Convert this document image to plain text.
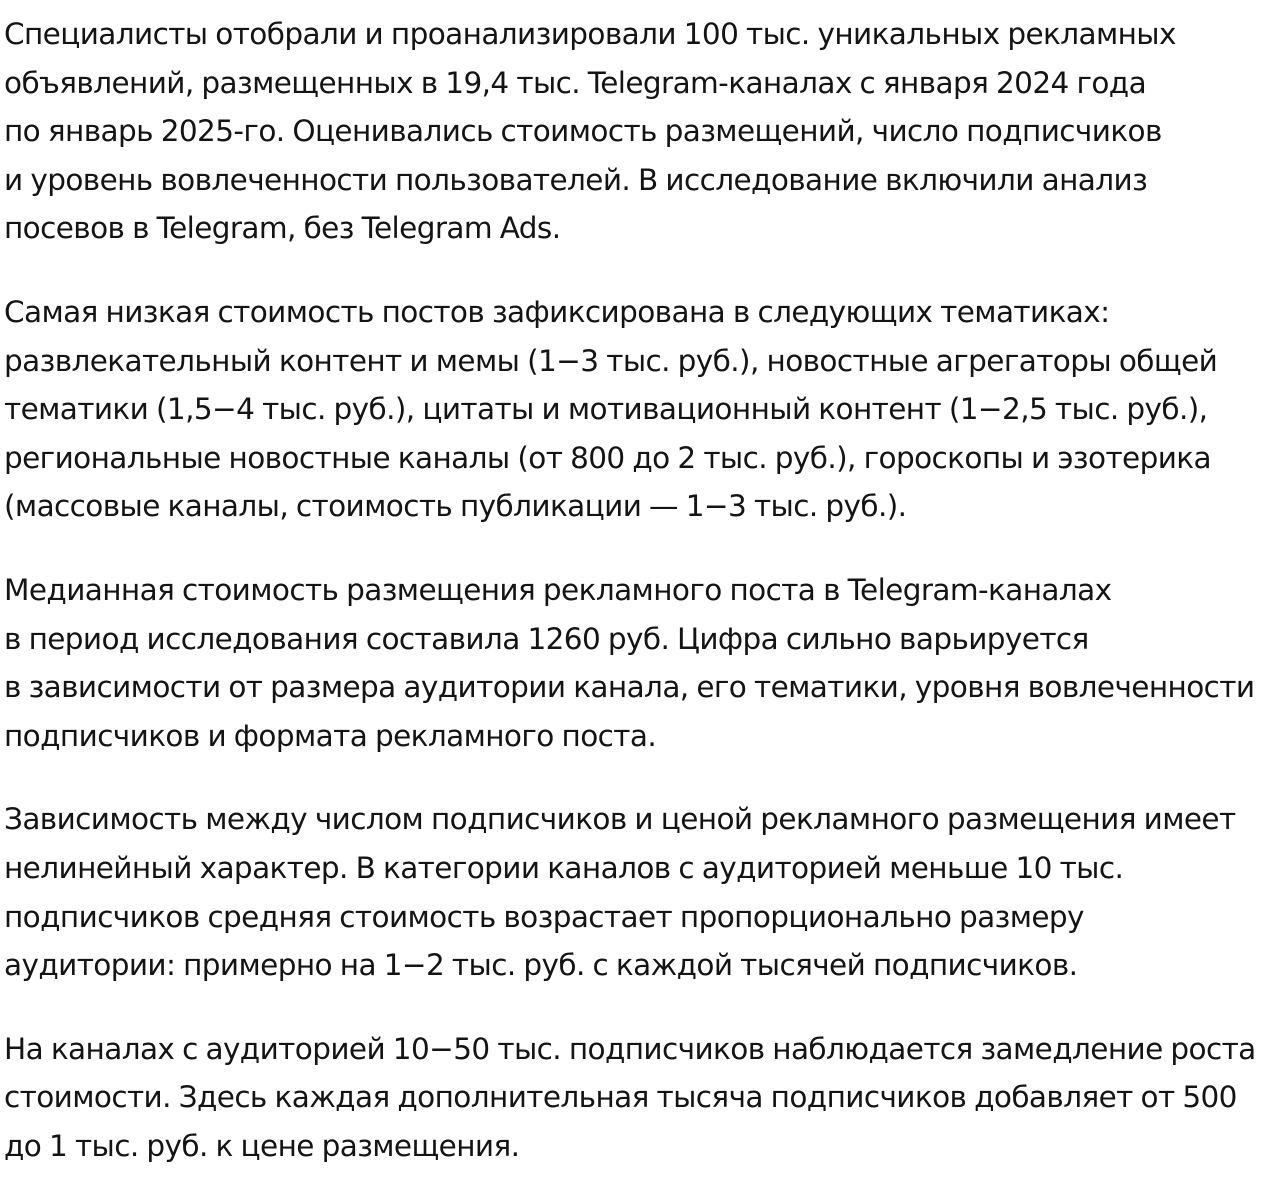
Специалисты отобрали и проанализировали 100 тыс. уникальных рекламных
объявлений, размещенных в 19,4 тыс. Telegram-каналах с января 2024 года
по январь 2025-го. Оценивались стоимость размещений, число подписчиков
и уровень вовлеченности пользователей. В исследование включили анализ
посевов в Telegram, без Telegram Ads.

Самая низкая стоимость постов зафиксирована в следующих тематиках:
развлекательный контент и мемы (1−3 тыс. руб.), новостные агрегаторы общей
тематики (1,5−4 тыс. руб.), цитаты и мотивационный контент (1−2,5 тыс. руб.),
региональные новостные каналы (от 800 до 2 тыс. руб.), гороскопы и эзотерика
(массовые каналы, стоимость публикации — 1−3 тыс. руб.).

Медианная стоимость размещения рекламного поста в Telegram-каналах
в период исследования составила 1260 руб. Цифра сильно варьируется
в зависимости от размера аудитории канала, его тематики, уровня вовлеченности
подписчиков и формата рекламного поста.

Зависимость между числом подписчиков и ценой рекламного размещения имеет
нелинейный характер. В категории каналов с аудиторией меньше 10 тыс.
подписчиков средняя стоимость возрастает пропорционально размеру
аудитории: примерно на 1−2 тыс. руб. с каждой тысячей подписчиков.

На каналах с аудиторией 10−50 тыс. подписчиков наблюдается замедление роста
стоимости. Здесь каждая дополнительная тысяча подписчиков добавляет от 500
до 1 тыс. руб. к цене размещения.
